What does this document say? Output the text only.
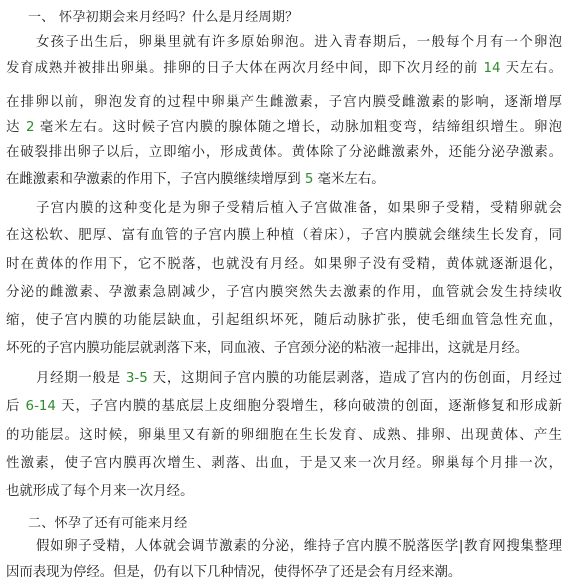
一、 怀孕初期会来月经吗？什么是月经周期？
女孩子出生后，卵巢里就有许多原始卵泡。进入青春期后，一般每个月有一个卵泡
发育成熟并被排出卵巢。排卵的日子大体在两次月经中间，即下次月经的前 14 天左右。
在排卵以前，卵泡发育的过程中卵巢产生雌激素，子宫内膜受雌激素的影响，逐渐增厚
达 2 毫米左右。这时候子宫内膜的腺体随之增长，动脉加粗变弯，结缔组织增生。卵泡
在破裂排出卵子以后，立即缩小，形成黄体。黄体除了分泌雌激素外，还能分泌孕激素。
在雌激素和孕激素的作用下，子宫内膜继续增厚到 5 毫米左右。
子宫内膜的这种变化是为卵子受精后植入子宫做准备，如果卵子受精，受精卵就会
在这松软、肥厚、富有血管的子宫内膜上种植（着床），子宫内膜就会继续生长发育，同
时在黄体的作用下，它不脱落，也就没有月经。如果卵子没有受精，黄体就逐渐退化，
分泌的雌激素、孕激素急剧减少，子宫内膜突然失去激素的作用，血管就会发生持续收
缩，使子宫内膜的功能层缺血，引起组织坏死，随后动脉扩张，使毛细血管急性充血，
坏死的子宫内膜功能层就剥落下来，同血液、子宫颈分泌的粘液一起排出，这就是月经。
月经期一般是 3-5 天，这期间子宫内膜的功能层剥落，造成了宫内的伤创面，月经过
后 6-14 天，子宫内膜的基底层上皮细胞分裂增生，移向破溃的创面，逐渐修复和形成新
的功能层。这时候，卵巢里又有新的卵细胞在生长发育、成熟、排卵、出现黄体、产生
性激素，使子宫内膜再次增生、剥落、出血，于是又来一次月经。卵巢每个月排一次，
也就形成了每个月来一次月经。
二、怀孕了还有可能来月经
假如卵子受精，人体就会调节激素的分泌，维持子宫内膜不脱落医学|教育网搜集整理
因而表现为停经。但是，仍有以下几种情况，使得怀孕了还是会有月经来潮。
